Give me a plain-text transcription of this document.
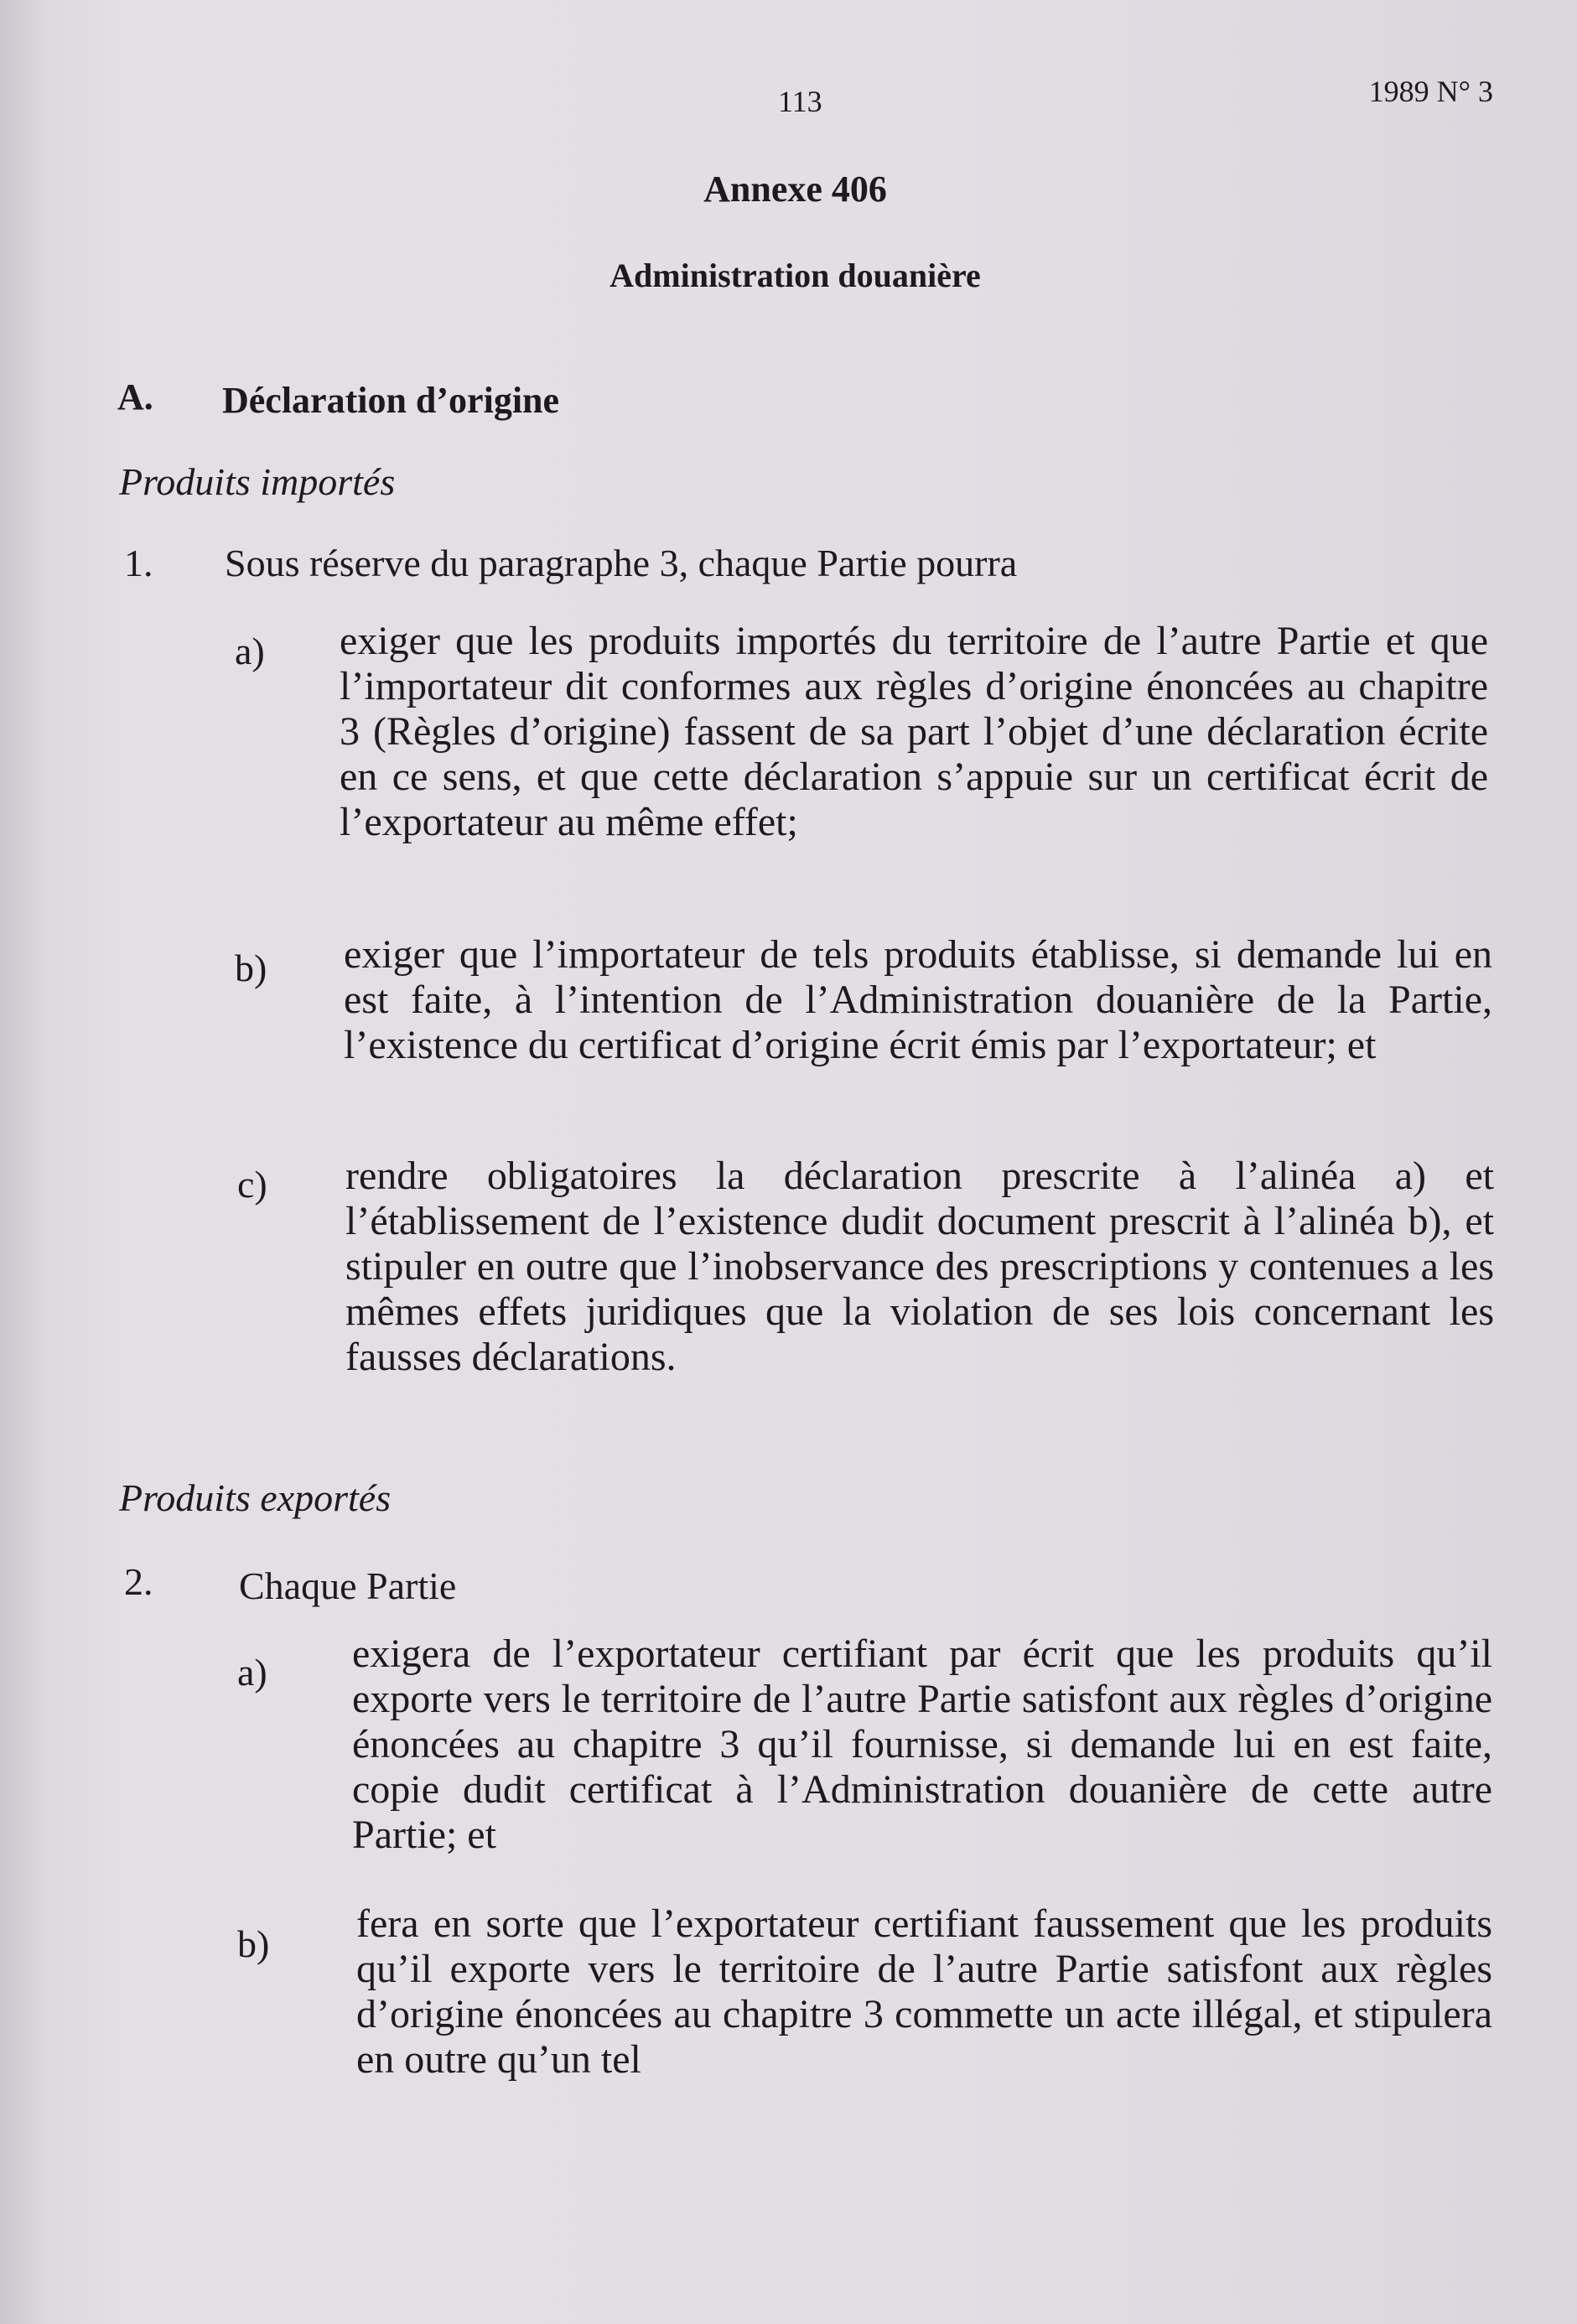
113	1989 N° 3
Annexe 406
Administration douanière
A. Déclaration d’origine
Produits importés
1. Sous réserve du paragraphe 3, chaque Partie pourra
a) exiger que les produits importés du territoire de l’autre Partie et que l’importateur dit conformes aux règles d’origine énoncées au chapitre 3 (Règles d’origine) fassent de sa part l’objet d’une déclaration écrite en ce sens, et que cette déclaration s’appuie sur un certificat écrit de l’exportateur au même effet;
b) exiger que l’importateur de tels produits établisse, si demande lui en est faite, à l’intention de l’Administration douanière de la Partie, l’existence du certificat d’origine écrit émis par l’exportateur; et
c) rendre obligatoires la déclaration prescrite à l’alinéa a) et l’établissement de l’existence dudit document prescrit à l’alinéa b), et stipuler en outre que l’inobservance des prescriptions y contenues a les mêmes effets juridiques que la violation de ses lois concernant les fausses déclarations.
Produits exportés
2. Chaque Partie
a) exigera de l’exportateur certifiant par écrit que les produits qu’il exporte vers le territoire de l’autre Partie satisfont aux règles d’origine énoncées au chapitre 3 qu’il fournisse, si demande lui en est faite, copie dudit certificat à l’Administration douanière de cette autre Partie; et
b) fera en sorte que l’exportateur certifiant faussement que les produits qu’il exporte vers le territoire de l’autre Partie satisfont aux règles d’origine énoncées au chapitre 3 commette un acte illégal, et stipulera en outre qu’un tel
